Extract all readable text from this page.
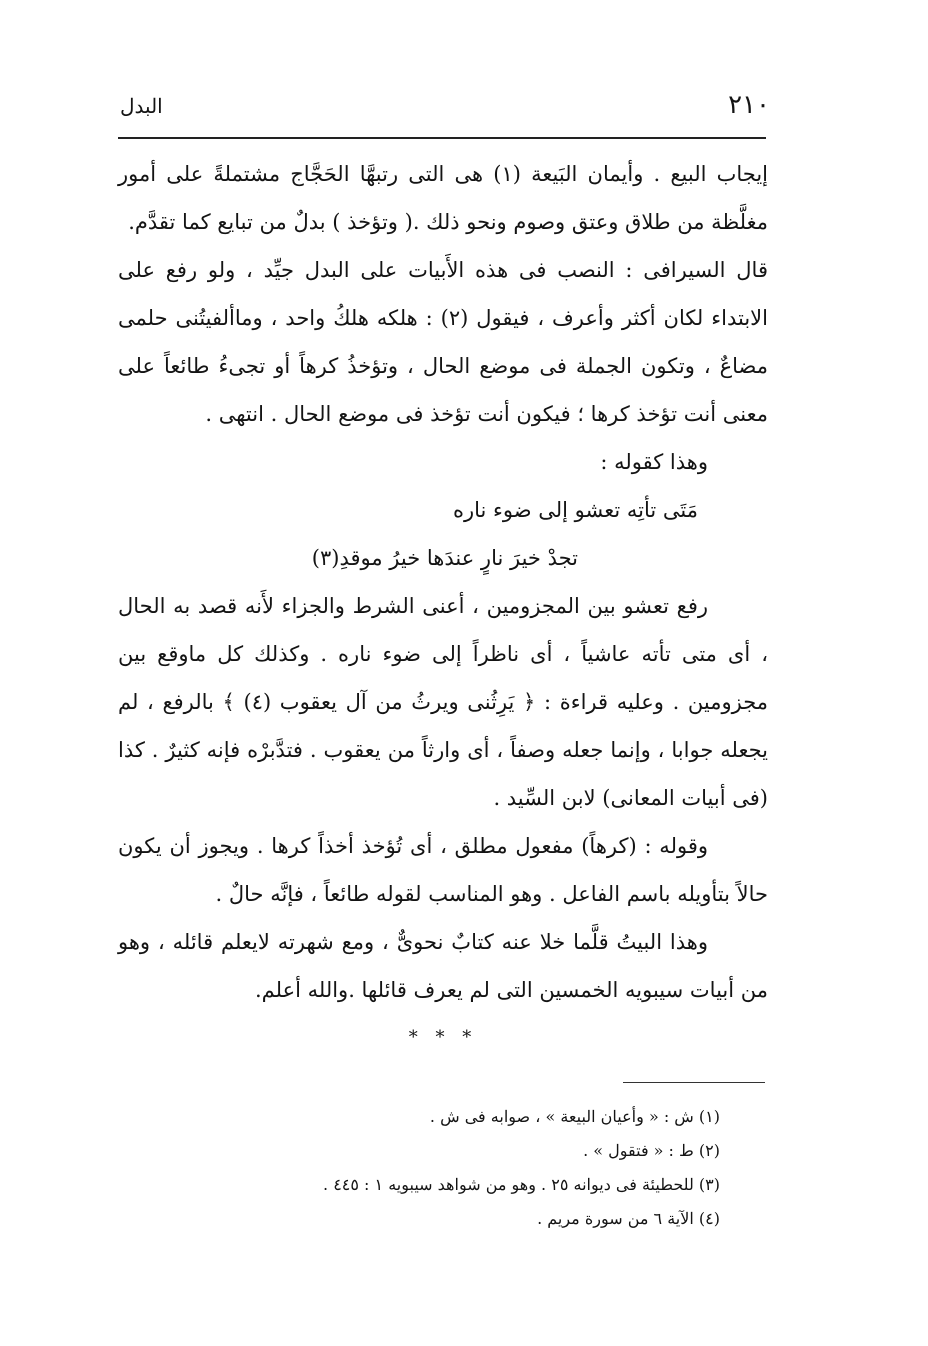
٢١٠
البدل

إيجاب البيع . وأيمان البَيعة (١) هى التى رتبهَّا الحَجَّاج مشتملةً على أمور مغلَّظة من طلاق وعتق وصوم ونحو ذلك .( وتؤخذ ) بدلٌ من تبايع كما تقدَّم.

قال السيرافى : النصب فى هذه الأَبيات على البدل جيِّد ، ولو رفع على الابتداء لكان أكثر وأعرف ، فيقول (٢) : هلكه هلكُ واحد ، وماألفيتُنى حلمى مضاعٌ ، وتكون الجملة فى موضع الحال ، وتؤخذُ كرهاً أو تجىءُ طائعاً على معنى أنت تؤخذ كرها ؛ فيكون أنت تؤخذ فى موضع الحال . انتهى .

وهذا كقوله :

مَتَى تأتِه تعشو إلى ضوء ناره

تجدْ خيرَ نارٍ عندَها خيرُ موقدِ(٣)

رفع تعشو بين المجزومين ، أعنى الشرط والجزاء لأَنه قصد به الحال ، أى متى تأته عاشياً ، أى ناظراً إلى ضوء ناره . وكذلك كل ماوقع بين مجزومين . وعليه قراءة : ﴿ يَرِثُنى ويرثُ من آل يعقوب (٤) ﴾ بالرفع ، لم يجعله جوابا ، وإنما جعله وصفاً ، أى وارثاً من يعقوب . فتدَّبرْه فإنه كثيرٌ . كذا (فى أبيات المعانى) لابن السِّيد .

وقوله : (كرهاً) مفعول مطلق ، أى تُؤخذ أخذاً كرها . ويجوز أن يكون حالاً بتأويله باسم الفاعل . وهو المناسب لقوله طائعاً ، فإنَّه حالٌ .

وهذا البيتُ قلَّما خلا عنه كتابٌ نحوىٌّ ، ومع شهرته لايعلم قائله ، وهو من أبيات سيبويه الخمسين التى لم يعرف قائلها .والله أعلم.

* * *

(١) ش : « وأعيان البيعة » ، صوابه فى ش .

(٢) ط : « فتقول » .

(٣) للحطيئة فى ديوانه ٢٥ . وهو من شواهد سيبويه ١ : ٤٤٥ .

(٤) الآية ٦ من سورة مريم .
